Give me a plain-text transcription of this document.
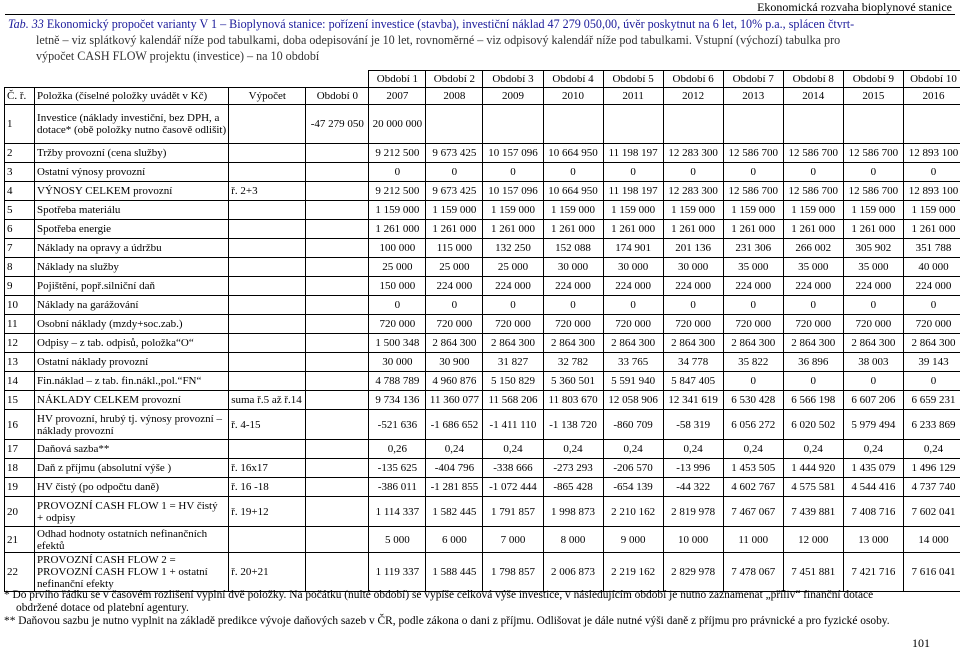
Ekonomická rozvaha bioplynové stanice
Tab. 33 Ekonomický propočet varianty V 1 – Bioplynová stanice: pořízení investice (stavba), investiční náklad 47 279 050,00, úvěr poskytnut na 6 let, 10% p.a., splácen čtvrt-
letně – viz splátkový kalendář níže pod tabulkami, doba odepisování je 10 let, rovnoměrné – viz odpisový kalendář níže pod tabulkami. Vstupní (výchozí) tabulka pro
výpočet CASH FLOW projektu (investice) – na 10 období
				Období 1	Období 2	Období 3	Období 4	Období 5	Období 6	Období 7	Období 8	Období 9	Období 10
Č. ř.	Položka (číselné položky uvádět v Kč)	Výpočet	Období 0	2007	2008	2009	2010	2011	2012	2013	2014	2015	2016
1	Investice (náklady investiční, bez DPH, a dotace* (obě položky nutno časově odlišit)		-47 279 050	20 000 000									
2	Tržby provozní (cena služby)			9 212 500	9 673 425	10 157 096	10 664 950	11 198 197	12 283 300	12 586 700	12 586 700	12 586 700	12 893 100
3	Ostatní výnosy provozní			0	0	0	0	0	0	0	0	0	0
4	VÝNOSY CELKEM provozní	ř. 2+3		9 212 500	9 673 425	10 157 096	10 664 950	11 198 197	12 283 300	12 586 700	12 586 700	12 586 700	12 893 100
5	Spotřeba materiálu			1 159 000	1 159 000	1 159 000	1 159 000	1 159 000	1 159 000	1 159 000	1 159 000	1 159 000	1 159 000
6	Spotřeba energie			1 261 000	1 261 000	1 261 000	1 261 000	1 261 000	1 261 000	1 261 000	1 261 000	1 261 000	1 261 000
7	Náklady na opravy a údržbu			100 000	115 000	132 250	152 088	174 901	201 136	231 306	266 002	305 902	351 788
8	Náklady na služby			25 000	25 000	25 000	30 000	30 000	30 000	35 000	35 000	35 000	40 000
9	Pojištění, popř.silniční daň			150 000	224 000	224 000	224 000	224 000	224 000	224 000	224 000	224 000	224 000
10	Náklady na garážování			0	0	0	0	0	0	0	0	0	0
11	Osobní náklady (mzdy+soc.zab.)			720 000	720 000	720 000	720 000	720 000	720 000	720 000	720 000	720 000	720 000
12	Odpisy – z tab. odpisů, položka“O“			1 500 348	2 864 300	2 864 300	2 864 300	2 864 300	2 864 300	2 864 300	2 864 300	2 864 300	2 864 300
13	Ostatní náklady provozní			30 000	30 900	31 827	32 782	33 765	34 778	35 822	36 896	38 003	39 143
14	Fin.náklad – z tab. fin.nákl.,pol.“FN“			4 788 789	4 960 876	5 150 829	5 360 501	5 591 940	5 847 405	0	0	0	0
15	NÁKLADY CELKEM provozní	suma ř.5 až ř.14		9 734 136	11 360 077	11 568 206	11 803 670	12 058 906	12 341 619	6 530 428	6 566 198	6 607 206	6 659 231
16	HV provozní, hrubý tj. výnosy provozní – náklady provozní	ř. 4-15		-521 636	-1 686 652	-1 411 110	-1 138 720	-860 709	-58 319	6 056 272	6 020 502	5 979 494	6 233 869
17	Daňová sazba**			0,26	0,24	0,24	0,24	0,24	0,24	0,24	0,24	0,24	0,24
18	Daň z příjmu (absolutní výše )	ř. 16x17		-135 625	-404 796	-338 666	-273 293	-206 570	-13 996	1 453 505	1 444 920	1 435 079	1 496 129
19	HV čistý (po odpočtu daně)	ř. 16 -18		-386 011	-1 281 855	-1 072 444	-865 428	-654 139	-44 322	4 602 767	4 575 581	4 544 416	4 737 740
20	PROVOZNÍ CASH FLOW 1 = HV čistý + odpisy	ř. 19+12		1 114 337	1 582 445	1 791 857	1 998 873	2 210 162	2 819 978	7 467 067	7 439 881	7 408 716	7 602 041
21	Odhad hodnoty ostatních nefinančních efektů			5 000	6 000	7 000	8 000	9 000	10 000	11 000	12 000	13 000	14 000
22	PROVOZNÍ CASH FLOW 2 = PROVOZNÍ CASH FLOW 1 + ostatní nefinanční efekty	ř. 20+21		1 119 337	1 588 445	1 798 857	2 006 873	2 219 162	2 829 978	7 478 067	7 451 881	7 421 716	7 616 041
* Do prvího řádku se v časovém rozlišení vyplní dvě položky. Na počátku (nulté období) se vypíše celková výše investice, v následujícím období je nutno zaznamenat „příliv“ finanční dotace
obdržené dotace od platební agentury.
** Daňovou sazbu je nutno vyplnit na základě predikce vývoje daňových sazeb v ČR, podle zákona o dani z příjmu. Odlišovat je dále nutné výši daně z příjmu pro právnické a pro fyzické osoby.
101
